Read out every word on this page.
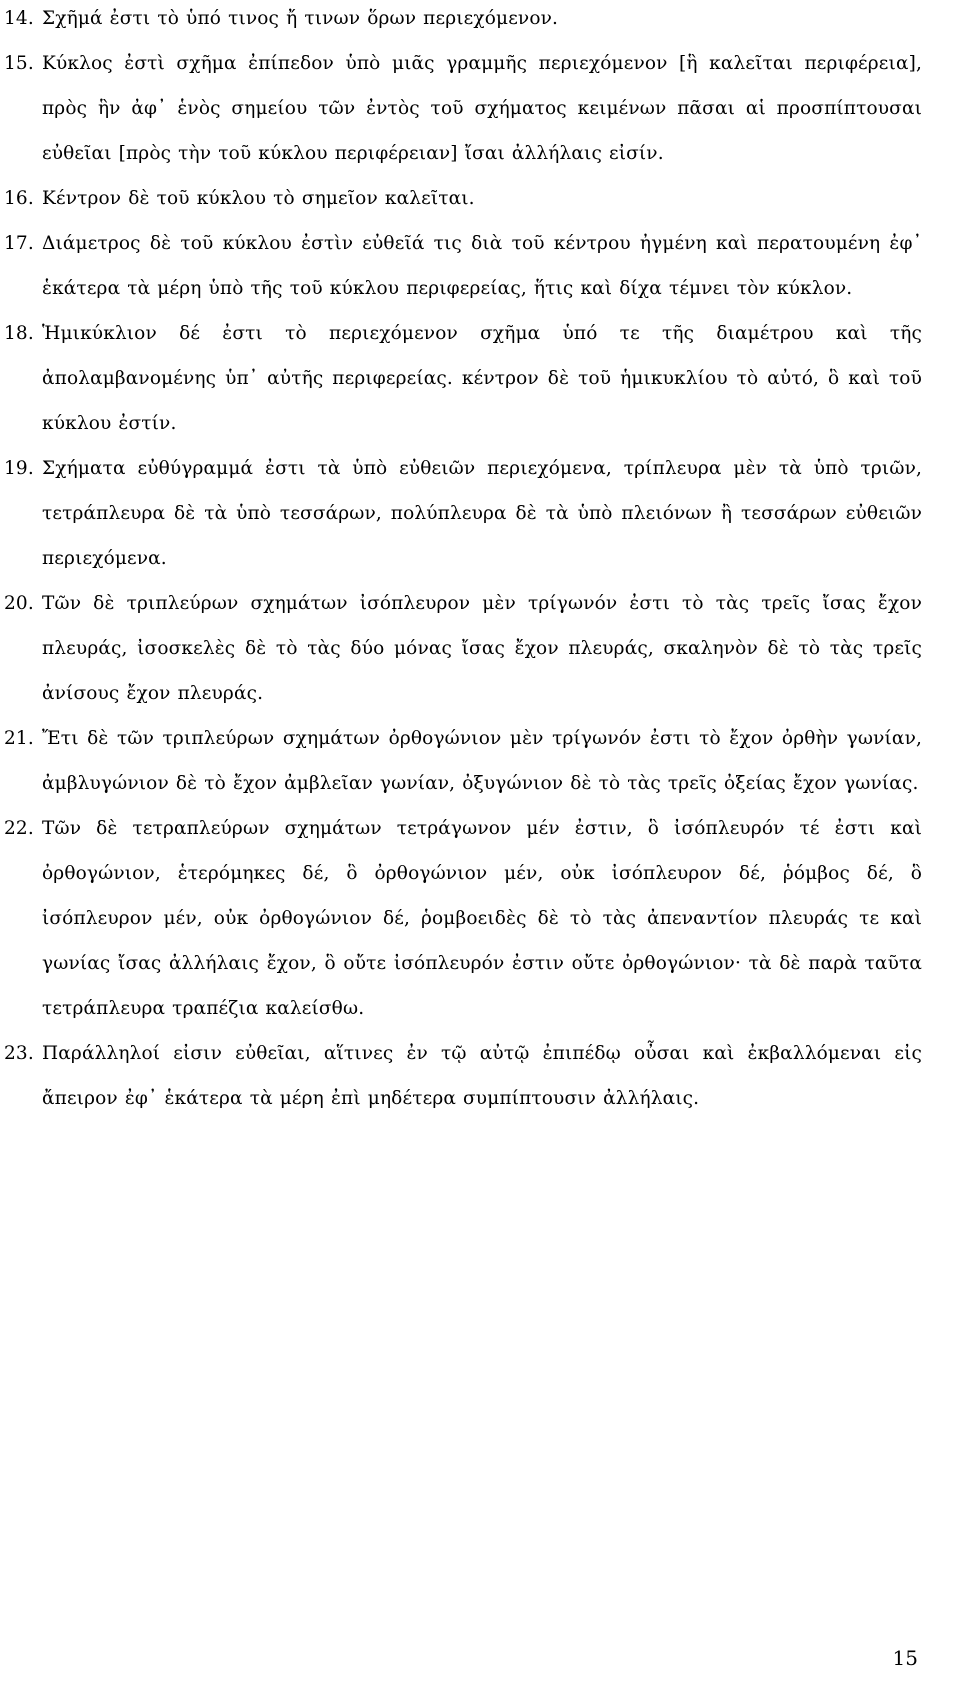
14. Σχῆμά ἐστι τὸ ὑπό τινος ἤ τινων ὅρων περιεχόμενον.
15. Κύκλος ἐστὶ σχῆμα ἐπίπεδον ὑπὸ μιᾶς γραμμῆς περιεχόμενον [ἣ καλεῖται περιφέρεια], πρὸς ἣν ἀφ᾽ ἑνὸς σημείου τῶν ἐντὸς τοῦ σχήματος κειμένων πᾶσαι αἱ προσπίπτουσαι εὐθεῖαι [πρὸς τὴν τοῦ κύκλου περιφέρειαν] ἴσαι ἀλλήλαις εἰσίν.
16. Κέντρον δὲ τοῦ κύκλου τὸ σημεῖον καλεῖται.
17. Διάμετρος δὲ τοῦ κύκλου ἐστὶν εὐθεῖά τις διὰ τοῦ κέντρου ἠγμένη καὶ περατουμένη ἐφ᾽ ἑκάτερα τὰ μέρη ὑπὸ τῆς τοῦ κύκλου περιφερείας, ἥτις καὶ δίχα τέμνει τὸν κύκλον.
18. Ἡμικύκλιον δέ ἐστι τὸ περιεχόμενον σχῆμα ὑπό τε τῆς διαμέτρου καὶ τῆς ἀπολαμβανομένης ὑπ᾽ αὐτῆς περιφερείας. κέντρον δὲ τοῦ ἡμικυκλίου τὸ αὐτό, ὃ καὶ τοῦ κύκλου ἐστίν.
19. Σχήματα εὐθύγραμμά ἐστι τὰ ὑπὸ εὐθειῶν περιεχόμενα, τρίπλευρα μὲν τὰ ὑπὸ τριῶν, τετράπλευρα δὲ τὰ ὑπὸ τεσσάρων, πολύπλευρα δὲ τὰ ὑπὸ πλειόνων ἢ τεσσάρων εὐθειῶν περιεχόμενα.
20. Τῶν δὲ τριπλεύρων σχημάτων ἰσόπλευρον μὲν τρίγωνόν ἐστι τὸ τὰς τρεῖς ἴσας ἔχον πλευράς, ἰσοσκελὲς δὲ τὸ τὰς δύο μόνας ἴσας ἔχον πλευράς, σκαληνὸν δὲ τὸ τὰς τρεῖς ἀνίσους ἔχον πλευράς.
21. Ἔτι δὲ τῶν τριπλεύρων σχημάτων ὀρθογώνιον μὲν τρίγωνόν ἐστι τὸ ἔχον ὀρθὴν γωνίαν, ἀμβλυγώνιον δὲ τὸ ἔχον ἀμβλεῖαν γωνίαν, ὀξυγώνιον δὲ τὸ τὰς τρεῖς ὀξείας ἔχον γωνίας.
22. Τῶν δὲ τετραπλεύρων σχημάτων τετράγωνον μέν ἐστιν, ὃ ἰσόπλευρόν τέ ἐστι καὶ ὀρθογώνιον, ἑτερόμηκες δέ, ὃ ὀρθογώνιον μέν, οὐκ ἰσόπλευρον δέ, ῥόμβος δέ, ὃ ἰσόπλευρον μέν, οὐκ ὀρθογώνιον δέ, ῥομβοειδὲς δὲ τὸ τὰς ἀπεναντίον πλευράς τε καὶ γωνίας ἴσας ἀλλήλαις ἔχον, ὃ οὔτε ἰσόπλευρόν ἐστιν οὔτε ὀρθογώνιον· τὰ δὲ παρὰ ταῦτα τετράπλευρα τραπέζια καλείσθω.
23. Παράλληλοί εἰσιν εὐθεῖαι, αἵτινες ἐν τῷ αὐτῷ ἐπιπέδῳ οὖσαι καὶ ἐκβαλλόμεναι εἰς ἄπειρον ἐφ᾽ ἑκάτερα τὰ μέρη ἐπὶ μηδέτερα συμπίπτουσιν ἀλλήλαις.
15
